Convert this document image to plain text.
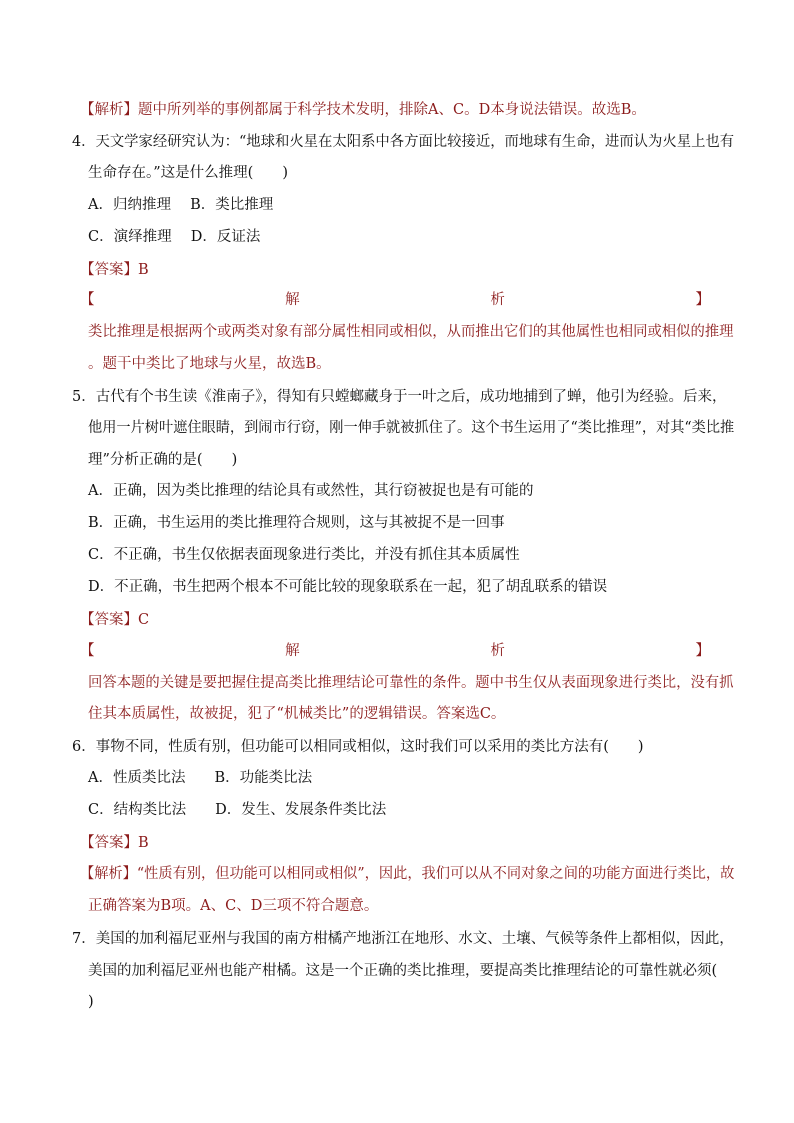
【解析】题中所列举的事例都属于科学技术发明，排除A、C。D本身说法错误。故选B。
4．天文学家经研究认为：“地球和火星在太阳系中各方面比较接近，而地球有生命，进而认为火星上也有
生命存在。”这是什么推理(　　)
A．归纳推理　 B．类比推理
C．演绎推理　 D．反证法
【答案】B
【	解	析	】
类比推理是根据两个或两类对象有部分属性相同或相似，从而推出它们的其他属性也相同或相似的推理
。题干中类比了地球与火星，故选B。
5．古代有个书生读《淮南子》，得知有只螳螂藏身于一叶之后，成功地捕到了蝉，他引为经验。后来，
他用一片树叶遮住眼睛，到闹市行窃，刚一伸手就被抓住了。这个书生运用了“类比推理”，对其“类比推
理”分析正确的是(　　)
A．正确，因为类比推理的结论具有或然性，其行窃被捉也是有可能的
B．正确，书生运用的类比推理符合规则，这与其被捉不是一回事
C．不正确，书生仅依据表面现象进行类比，并没有抓住其本质属性
D．不正确，书生把两个根本不可能比较的现象联系在一起，犯了胡乱联系的错误
【答案】C
【	解	析	】
回答本题的关键是要把握住提高类比推理结论可靠性的条件。题中书生仅从表面现象进行类比，没有抓
住其本质属性，故被捉，犯了“机械类比”的逻辑错误。答案选C。
6．事物不同，性质有别，但功能可以相同或相似，这时我们可以采用的类比方法有(　　)
A．性质类比法　　B．功能类比法
C．结构类比法　　D．发生、发展条件类比法
【答案】B
【解析】“性质有别，但功能可以相同或相似”，因此，我们可以从不同对象之间的功能方面进行类比，故
正确答案为B项。A、C、D三项不符合题意。
7．美国的加利福尼亚州与我国的南方柑橘产地浙江在地形、水文、土壤、气候等条件上都相似，因此，
美国的加利福尼亚州也能产柑橘。这是一个正确的类比推理，要提高类比推理结论的可靠性就必须(
)
